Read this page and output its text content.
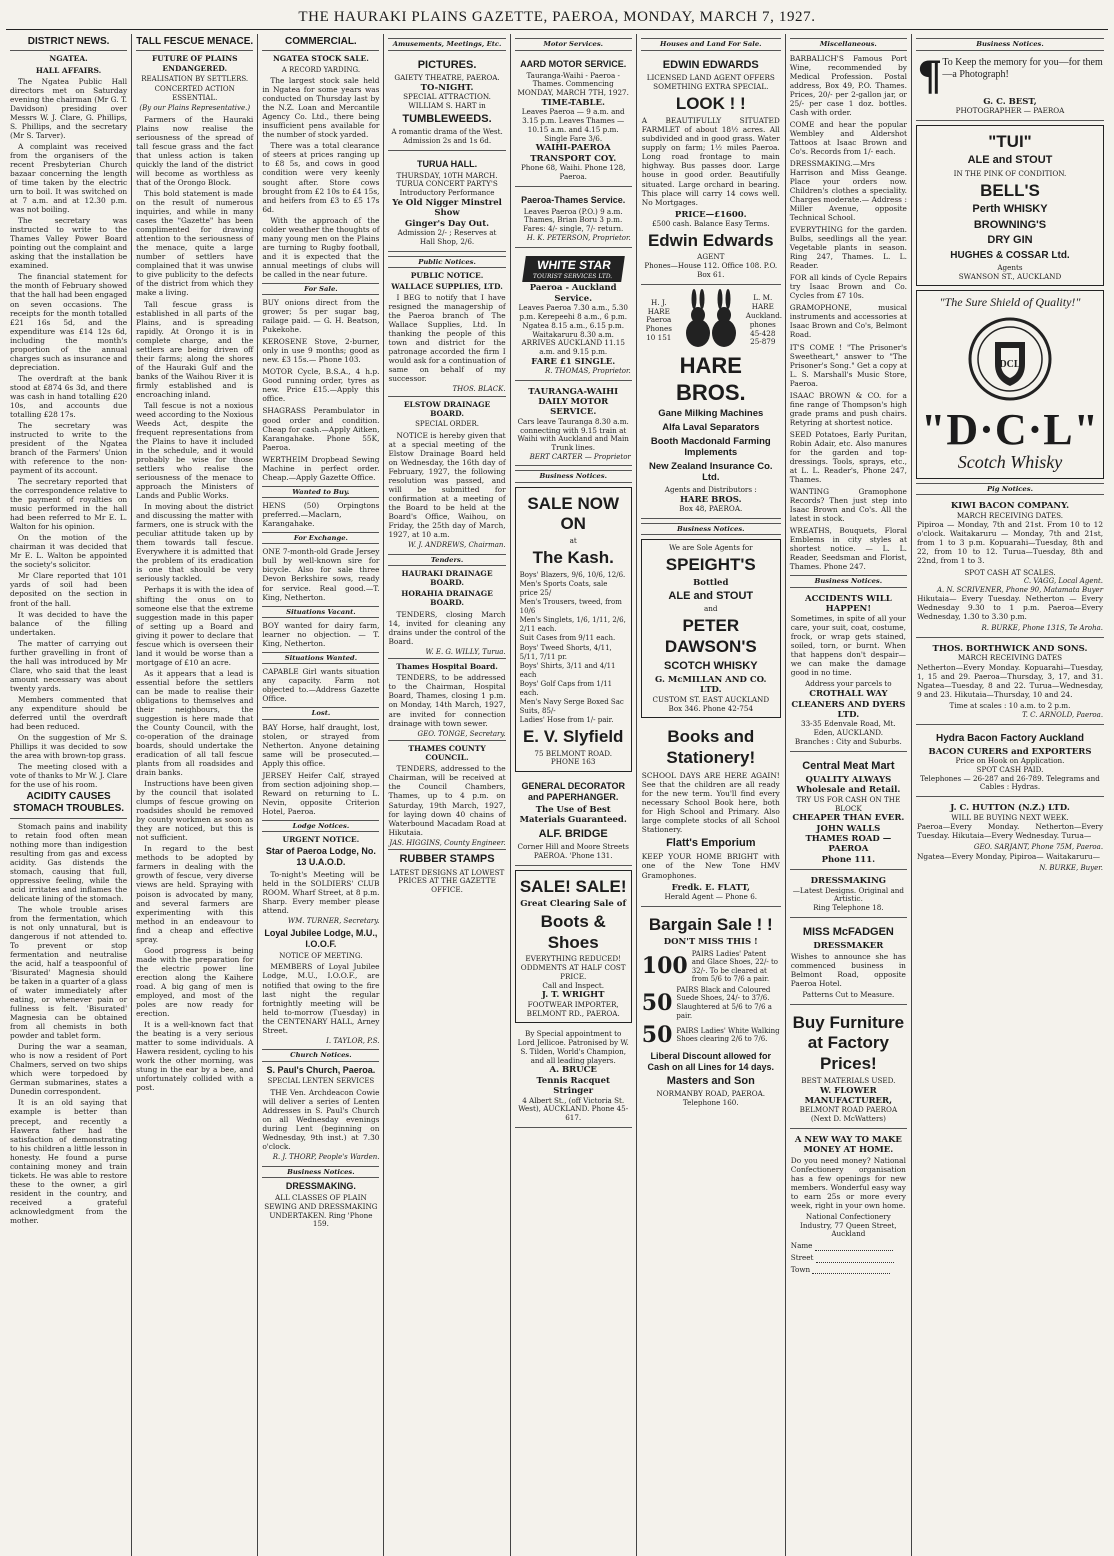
THE HAURAKI PLAINS GAZETTE, PAEROA, MONDAY, MARCH 7, 1927.
DISTRICT NEWS.
NGATEA.
HALL AFFAIRS.
The Ngatea Public Hall directors met on Saturday evening the chairman (Mr G. T. Davidson) presiding over Messrs W. J. Clare, G. Phillips, S. Phillips, and the secretary (Mr S. Tarver).
A complaint was received from the organisers of the recent Presbyterian Church bazaar concerning the length of time taken by the electric urn to boil. It was switched on at 7 a.m. and at 12.30 p.m. was not boiling.
The secretary was instructed to write to the Thames Valley Power Board pointing out the complaint and asking that the installation be examined.
The financial statement for the month of February showed that the hall had been engaged on seven occasions. The receipts for the month totalled £21 16s 5d, and the expenditure was £14 12s 6d, including the month's proportion of the annual charges such as insurance and depreciation.
The overdraft at the bank stood at £874 6s 3d, and there was cash in hand totalling £20 10s, and accounts due totalling £28 17s.
The secretary was instructed to write to the president of the Ngatea branch of the Farmers' Union with reference to the non-payment of its account.
The secretary reported that the correspondence relative to the payment of royalties on music performed in the hall had been referred to Mr E. L. Walton for his opinion.
On the motion of the chairman it was decided that Mr E. L. Walton be appointed the society's solicitor.
Mr Clare reported that 101 yards of soil had been deposited on the section in front of the hall.
It was decided to have the balance of the filling undertaken.
The matter of carrying out further gravelling in front of the hall was introduced by Mr Clare, who said that the least amount necessary was about twenty yards.
Members commented that any expenditure should be deferred until the overdraft had been reduced.
On the suggestion of Mr S. Phillips it was decided to sow the area with brown-top grass.
The meeting closed with a vote of thanks to Mr W. J. Clare for the use of his room.
ACIDITY CAUSES STOMACH TROUBLES.
Stomach pains and inability to retain food often mean nothing more than indigestion resulting from gas and excess acidity. Gas distends the stomach, causing that full, oppressive feeling, while the acid irritates and inflames the delicate lining of the stomach.
The whole trouble arises from the fermentation, which is not only unnatural, but is dangerous if not attended to. To prevent or stop fermentation and neutralise the acid, half a teaspoonful of 'Bisurated' Magnesia should be taken in a quarter of a glass of water immediately after eating, or whenever pain or fullness is felt. 'Bisurated' Magnesia can be obtained from all chemists in both powder and tablet form.
During the war a seaman, who is now a resident of Port Chalmers, served on two ships which were torpedoed by German submarines, states a Dunedin correspondent.
It is an old saying that example is better than precept, and recently a Hawera father had the satisfaction of demonstrating to his children a little lesson in honesty. He found a purse containing money and train tickets. He was able to restore these to the owner, a girl resident in the country, and received a grateful acknowledgment from the mother.
TALL FESCUE MENACE.
FUTURE OF PLAINS ENDANGERED.
REALISATION BY SETTLERS.
CONCERTED ACTION ESSENTIAL.
(By our Plains Representative.)
Farmers of the Hauraki Plains now realise the seriousness of the spread of tall fescue grass and the fact that unless action is taken quickly the land of the district will become as worthless as that of the Orongo Block.
This bold statement is made on the result of numerous inquiries, and while in many cases the "Gazette" has been complimented for drawing attention to the seriousness of the menace, quite a large number of settlers have complained that it was unwise to give publicity to the defects of the district from which they make a living.
Tall fescue grass is established in all parts of the Plains, and is spreading rapidly. At Orongo it is in complete charge, and the settlers are being driven off their farms; along the shores of the Hauraki Gulf and the banks of the Waihou River it is firmly established and is encroaching inland.
Tall fescue is not a noxious weed according to the Noxious Weeds Act, despite the frequent representations from the Plains to have it included in the schedule, and it would probably be wise for those settlers who realise the seriousness of the menace to approach the Ministers of Lands and Public Works.
In moving about the district and discussing the matter with farmers, one is struck with the peculiar attitude taken up by them towards tall fescue. Everywhere it is admitted that the problem of its eradication is one that should be very seriously tackled.
Perhaps it is with the idea of shifting the onus on to someone else that the extreme suggestion made in this paper of setting up a Board and giving it power to declare that fescue which is overseen their land it would be worse than a mortgage of £10 an acre.
As it appears that a lead is essential before the settlers can be made to realise their obligations to themselves and their neighbours, the suggestion is here made that the County Council, with the co-operation of the drainage boards, should undertake the eradication of all tall fescue plants from all roadsides and drain banks.
Instructions have been given by the council that isolated clumps of fescue growing on roadsides should be removed by county workmen as soon as they are noticed, but this is not sufficient.
In regard to the best methods to be adopted by farmers in dealing with the growth of fescue, very diverse views are held. Spraying with poison is advocated by many, and several farmers are experimenting with this method in an endeavour to find a cheap and effective spray.
Good progress is being made with the preparation for the electric power line erection along the Kaihere road. A big gang of men is employed, and most of the poles are now ready for erection.
It is a well-known fact that the beating is a very serious matter to some individuals. A Hawera resident, cycling to his work the other morning, was stung in the ear by a bee, and unfortunately collided with a post.
COMMERCIAL.
NGATEA STOCK SALE.
A RECORD YARDING.
The largest stock sale held in Ngatea for some years was conducted on Thursday last by the N.Z. Loan and Mercantile Agency Co. Ltd., there being insufficient pens available for the number of stock yarded.
There was a total clearance of steers at prices ranging up to £8 5s, and cows in good condition were very keenly sought after. Store cows brought from £2 10s to £4 15s, and heifers from £3 to £5 17s 6d.
With the approach of the colder weather the thoughts of many young men on the Plains are turning to Rugby football, and it is expected that the annual meetings of clubs will be called in the near future.
For Sale.
BUY onions direct from the grower; 5s per sugar bag, railage paid. — G. H. Beatson, Pukekohe.
KEROSENE Stove, 2-burner, only in use 9 months; good as new. £3 15s.— Phone 103.
MOTOR Cycle, B.S.A., 4 h.p. Good running order, tyres as new. Price £15.—Apply this office.
SHAGRASS Perambulator in good order and condition. Cheap for cash.—Apply Aitken, Karangahake. Phone 55K, Paeroa.
WERTHEIM Dropbead Sewing Machine in perfect order. Cheap.—Apply Gazette Office.
Wanted to Buy.
HENS (50) Orpingtons preferred.—Maclarn, Karangahake.
For Exchange.
ONE 7-month-old Grade Jersey bull by well-known sire for bicycle. Also for sale three Devon Berkshire sows, ready for service. Real good.—T. King, Netherton.
Situations Vacant.
BOY wanted for dairy farm, learner no objection. — T. King, Netherton.
Situations Wanted.
CAPABLE Girl wants situation any capacity. Farm not objected to.—Address Gazette Office.
Lost.
BAY Horse, half draught, lost, stolen, or strayed from Netherton. Anyone detaining same will be prosecuted.—Apply this office.
JERSEY Heifer Calf, strayed from section adjoining shop.—Reward on returning to L. Nevin, opposite Criterion Hotel, Paeroa.
Lodge Notices.
URGENT NOTICE.
Star of Paeroa Lodge, No. 13 U.A.O.D.
To-night's Meeting will be held in the SOLDIERS' CLUB ROOM. Wharf Street, at 8 p.m. Sharp. Every member please attend.
WM. TURNER, Secretary.
Loyal Jubilee Lodge, M.U., I.O.O.F.
NOTICE OF MEETING.
MEMBERS of Loyal Jubilee Lodge, M.U., I.O.O.F., are notified that owing to the fire last night the regular fortnightly meeting will be held to-morrow (Tuesday) in the CENTENARY HALL, Arney Street.
I. TAYLOR, P.S.
Church Notices.
S. Paul's Church, Paeroa.
SPECIAL LENTEN SERVICES
THE Ven. Archdeacon Cowie will deliver a series of Lenten Addresses in S. Paul's Church on all Wednesday evenings during Lent (beginning on Wednesday, 9th inst.) at 7.30 o'clock.
R. J. THORP, People's Warden.
Business Notices.
DRESSMAKING.
ALL CLASSES OF PLAIN SEWING AND DRESSMAKING UNDERTAKEN. Ring 'Phone 159.
Amusements, Meetings, Etc.
PICTURES.
GAIETY THEATRE, PAEROA.
TO-NIGHT.
SPECIAL ATTRACTION. WILLIAM S. HART in
TUMBLEWEEDS.
A romantic drama of the West. Admission 2s and 1s 6d.
TURUA HALL.
THURSDAY, 10TH MARCH.
TURUA CONCERT PARTY'S Introductory Performance
Ye Old Nigger Minstrel Show
Ginger's Day Out.
Admission 2/- ; Reserves at Hall Shop, 2/6.
Public Notices.
PUBLIC NOTICE.
WALLACE SUPPLIES, LTD.
I BEG to notify that I have resigned the managership of the Paeroa branch of The Wallace Supplies, Ltd. In thanking the people of this town and district for the patronage accorded the firm I would ask for a continuation of same on behalf of my successor.
THOS. BLACK.
ELSTOW DRAINAGE BOARD.
SPECIAL ORDER.
NOTICE is hereby given that at a special meeting of the Elstow Drainage Board held on Wednesday, the 16th day of February, 1927, the following resolution was passed, and will be submitted for confirmation at a meeting of the Board to be held at the Board's Office, Waihou, on Friday, the 25th day of March, 1927, at 10 a.m.
W. J. ANDREWS, Chairman.
Tenders.
HAURAKI DRAINAGE BOARD.
HORAHIA DRAINAGE BOARD.
TENDERS, closing March 14, invited for cleaning any drains under the control of the Board.
W. E. G. WILLY, Turua.
Thames Hospital Board.
TENDERS, to be addressed to the Chairman, Hospital Board, Thames, closing 1 p.m. on Monday, 14th March, 1927, are invited for connection drainage with town sewer.
GEO. TONGE, Secretary.
THAMES COUNTY COUNCIL.
TENDERS, addressed to the Chairman, will be received at the Council Chambers, Thames, up to 4 p.m. on Saturday, 19th March, 1927, for laying down 40 chains of Waterbound Macadam Road at Hikutaia.
JAS. HIGGINS, County Engineer.
RUBBER STAMPS
LATEST DESIGNS AT LOWEST PRICES AT THE GAZETTE OFFICE.
Motor Services.
AARD MOTOR SERVICE.
Tauranga-Waihi - Paeroa - Thames. Commencing MONDAY, MARCH 7TH, 1927.
TIME-TABLE.
Leaves Paeroa — 9 a.m. and 3.15 p.m. Leaves Thames — 10.15 a.m. and 4.15 p.m. Single Fare 3/6.
WAIHI-PAEROA TRANSPORT COY.
Phone 68, Waihi. Phone 128, Paeroa.
Paeroa-Thames Service.
Leaves Paeroa (P.O.) 9 a.m. Thames, Brian Boru 3 p.m. Fares: 4/- single, 7/- return.
H. K. PETERSON, Proprietor.
WHITE STAR
TOURIST SERVICES LTD.
Paeroa - Auckland Service.
Leaves Paeroa 7.30 a.m., 5.30 p.m. Kerepeehi 8 a.m., 6 p.m. Ngatea 8.15 a.m., 6.15 p.m. Waitakaruru 8.30 a.m. ARRIVES AUCKLAND 11.15 a.m. and 9.15 p.m.
FARE £1 SINGLE.
R. THOMAS, Proprietor.
TAURANGA-WAIHI DAILY MOTOR SERVICE.
Cars leave Tauranga 8.30 a.m. connecting with 9.15 train at Waihi with Auckland and Main Trunk lines.
BERT CARTER — Proprietor
Business Notices.
SALE NOW ON
at
The Kash.
Boys' Blazers, 9/6, 10/6, 12/6.
Men's Sports Coats, sale price 25/
Men's Trousers, tweed, from 10/6
Men's Singlets, 1/6, 1/11, 2/6, 2/11 each.
Suit Cases from 9/11 each.
Boys' Tweed Shorts, 4/11, 5/11, 7/11 pr.
Boys' Shirts, 3/11 and 4/11 each
Boys' Golf Caps from 1/11 each.
Men's Navy Serge Boxed Sac Suits, 85/-
Ladies' Hose from 1/- pair.
E. V. Slyfield
75 BELMONT ROAD. PHONE 163
GENERAL DECORATOR and PAPERHANGER.
The Use of Best Materials Guaranteed.
ALF. BRIDGE
Corner Hill and Moore Streets PAEROA. 'Phone 131.
SALE! SALE!
Great Clearing Sale of
Boots & Shoes
EVERYTHING REDUCED!
ODDMENTS AT HALF COST PRICE.
Call and Inspect.
J. T. WRIGHT
FOOTWEAR IMPORTER, BELMONT RD., PAEROA.
By Special appointment to Lord Jellicoe. Patronised by W. S. Tilden, World's Champion, and all leading players.
A. BRUCE
Tennis Racquet Stringer
4 Albert St., (off Victoria St. West), AUCKLAND. Phone 45-617.
Houses and Land For Sale.
EDWIN EDWARDS
LICENSED LAND AGENT OFFERS SOMETHING EXTRA SPECIAL.
LOOK ! !
A BEAUTIFULLY SITUATED FARMLET of about 18½ acres. All subdivided and in good grass. Water supply on farm; 1½ miles Paeroa. Long road frontage to main highway. Bus passes door. Large house in good order. Beautifully situated. Large orchard in bearing. This place will carry 14 cows well. No Mortgages.
PRICE—£1600.
£500 cash. Balance Easy Terms.
Edwin Edwards
AGENT
Phones—House 112. Office 108. P.O. Box 61.
H. J. HARE Paeroa Phones 10 151
L. M. HARE Auckland. phones 45-428 25-879
HARE BROS.
Gane Milking Machines
Alfa Laval Separators
Booth Macdonald Farming Implements
New Zealand Insurance Co. Ltd.
Agents and Distributors :
HARE BROS.
Box 48, PAEROA.
Business Notices.
We are Sole Agents for
SPEIGHT'S
Bottled
ALE and STOUT
and
PETER DAWSON'S
SCOTCH WHISKY
G. McMILLAN AND CO. LTD.
CUSTOM ST. EAST AUCKLAND
Box 346. Phone 42-754
Books and Stationery!
SCHOOL DAYS ARE HERE AGAIN! See that the children are all ready for the new term. You'll find every necessary School Book here, both for High School and Primary. Also large complete stocks of all School Stationery.
Flatt's Emporium
KEEP YOUR HOME BRIGHT with one of the New Tone HMV Gramophones.
Fredk. E. FLATT,
Herald Agent — Phone 6.
Bargain Sale ! !
DON'T MISS THIS !
100 PAIRS Ladies' Patent and Glace Shoes, 22/- to 32/-. To be cleared at from 5/6 to 7/6 a pair.
50 PAIRS Black and Coloured Suede Shoes, 24/- to 37/6. Slaughtered at 5/6 to 7/6 a pair.
50 PAIRS Ladies' White Walking Shoes clearing 2/6 to 7/6.
Liberal Discount allowed for Cash on all Lines for 14 days.
Masters and Son
NORMANBY ROAD, PAEROA. Telephone 160.
Miscellaneous.
BARBALICH'S Famous Port Wine, recommended by Medical Profession. Postal address, Box 49, P.O. Thames. Prices, 20/- per 2-gallon jar, or 25/- per case 1 doz. bottles. Cash with order.
COME and hear the popular Wembley and Aldershot Tattoos at Isaac Brown and Co's. Records from 1/- each.
DRESSMAKING.—Mrs Harrison and Miss Geange. Place your orders now. Children's clothes a speciality. Charges moderate.— Address : Miller Avenue, opposite Technical School.
EVERYTHING for the garden. Bulbs, seedlings all the year. Vegetable plants in season. Ring 247, Thames. L. L. Reader.
FOR all kinds of Cycle Repairs try Isaac Brown and Co. Cycles from £7 10s.
GRAMOPHONE, musical instruments and accessories at Isaac Brown and Co's, Belmont Road.
IT'S COME ! "The Prisoner's Sweetheart," answer to "The Prisoner's Song." Get a copy at L. S. Marshall's Music Store, Paeroa.
ISAAC BROWN & CO. for a fine range of Thompson's high grade prams and push chairs. Retyring at shortest notice.
SEED Potatoes, Early Puritan, Robin Adair, etc. Also manures for the garden and top-dressings. Tools, sprays, etc., at L. L. Reader's, Phone 247, Thames.
WANTING Gramophone Records? Then just step into Isaac Brown and Co's. All the latest in stock.
WREATHS, Bouquets, Floral Emblems in city styles at shortest notice. — L. L. Reader, Seedsman and Florist, Thames. Phone 247.
Business Notices.
ACCIDENTS WILL HAPPEN!
Sometimes, in spite of all your care, your suit, coat, costume, frock, or wrap gets stained, soiled, torn, or burnt. When that happens don't despair—we can make the damage good in no time.
Address your parcels to
CROTHALL WAY CLEANERS AND DYERS LTD.
33-35 Edenvale Road, Mt. Eden, AUCKLAND.
Branches : City and Suburbs.
Central Meat Mart
QUALITY ALWAYS
Wholesale and Retail.
TRY US FOR CASH ON THE BLOCK
CHEAPER THAN EVER.
JOHN WALLS
THAMES ROAD — PAEROA
Phone 111.
DRESSMAKING
—Latest Designs. Original and Artistic.
Ring Telephone 18.
MISS McFADGEN
DRESSMAKER
Wishes to announce she has commenced business in Belmont Road, opposite Paeroa Hotel.
Patterns Cut to Measure.
Buy Furniture at Factory Prices!
BEST MATERIALS USED.
W. FLOWER MANUFACTURER,
BELMONT ROAD PAEROA (Next D. McWatters)
A NEW WAY TO MAKE MONEY AT HOME.
Do you need money? National Confectionery organisation has a few openings for new members. Wonderful easy way to earn 25s or more every week, right in your own home.
National Confectionery Industry, 77 Queen Street, Auckland
Name
Street
Town
Business Notices.
¶ To Keep the memory for you—for them —a Photograph!
G. C. BEST,
PHOTOGRAPHER — PAEROA
"TUI"
ALE and STOUT
IN THE PINK OF CONDITION.
BELL'S
Perth WHISKY
BROWNING'S
DRY GIN
HUGHES & COSSAR Ltd.
Agents
SWANSON ST., AUCKLAND
"The Sure Shield of Quality!"
DCL
"D·C·L"
Scotch Whisky
Pig Notices.
KIWI BACON COMPANY.
MARCH RECEIVING DATES.
Pipiroa — Monday, 7th and 21st. From 10 to 12 o'clock. Waitakaruru — Monday, 7th and 21st, from 1 to 3 p.m. Kopuarahi—Tuesday, 8th and 22, from 10 to 12. Turua—Tuesday, 8th and 22nd, from 1 to 3.
SPOT CASH AT SCALES.
C. VAGG, Local Agent.
A. N. SCRIVENER, Phone 90, Matamata Buyer
Hikutaia— Every Tuesday. Netherton — Every Wednesday 9.30 to 1 p.m. Paeroa—Every Wednesday, 1.30 to 3.30 p.m.
R. BURKE, Phone 131S, Te Aroha.
THOS. BORTHWICK AND SONS.
MARCH RECEIVING DATES
Netherton—Every Monday. Kopuarahi—Tuesday, 1, 15 and 29. Paeroa—Thursday, 3, 17, and 31. Ngatea—Tuesday, 8 and 22. Turua—Wednesday, 9 and 23. Hikutaia—Thursday, 10 and 24.
Time at scales : 10 a.m. to 2 p.m.
T. C. ARNOLD, Paeroa.
Hydra Bacon Factory Auckland
BACON CURERS and EXPORTERS
Price on Hook on Application.
SPOT CASH PAID.
Telephones — 26-287 and 26-789. Telegrams and Cables : Hydras.
J. C. HUTTON (N.Z.) LTD.
WILL BE BUYING NEXT WEEK.
Paeroa—Every Monday. Netherton—Every Tuesday. Hikutaia—Every Wednesday. Turua—
GEO. SARJANT, Phone 75M, Paeroa.
Ngatea—Every Monday, Pipiroa— Waitakaruru—
N. BURKE, Buyer.
